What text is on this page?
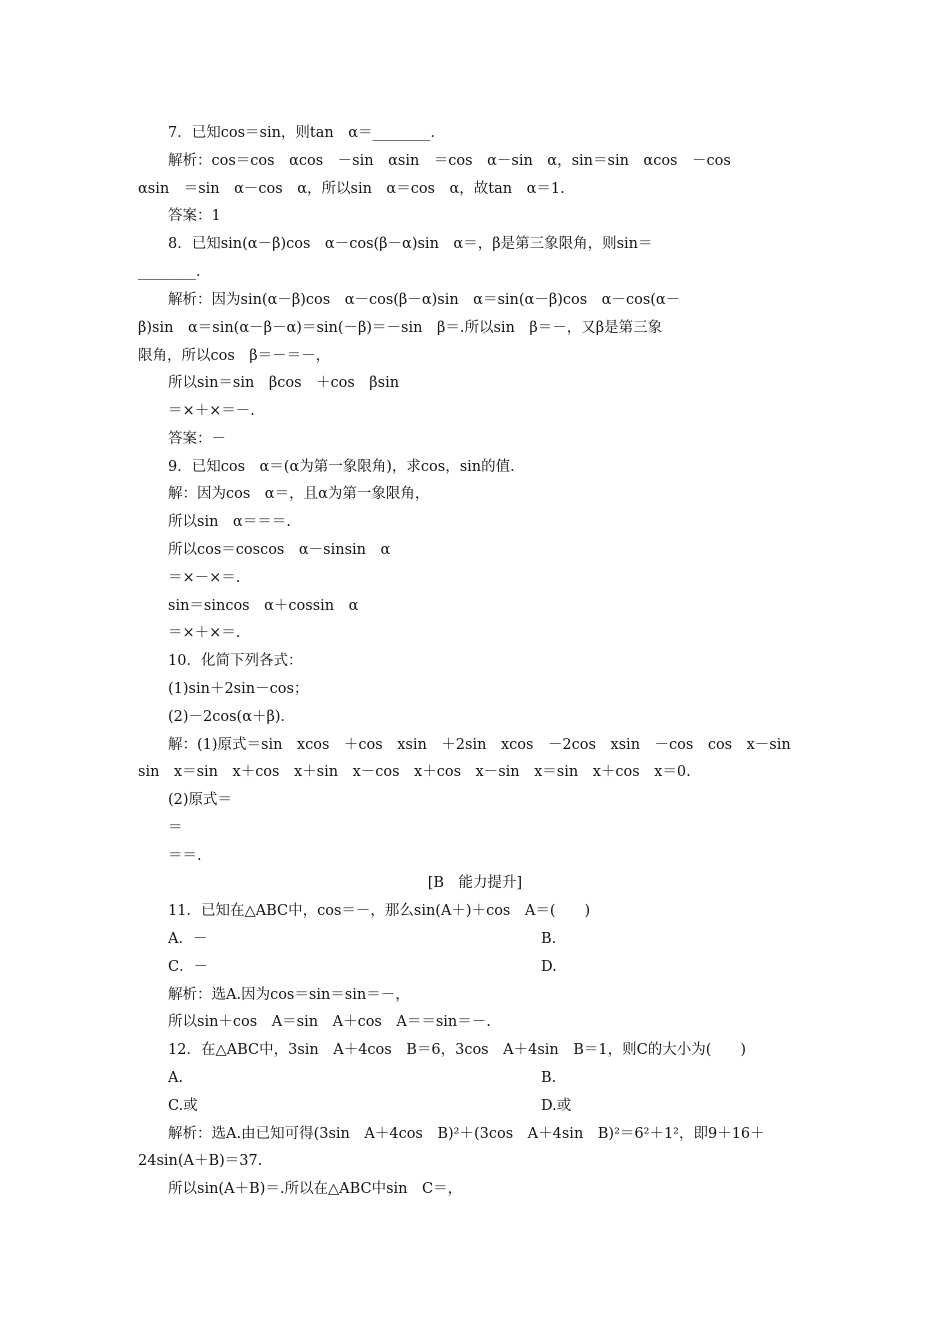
7．已知cos＝sin，则tan　α＝________．
解析：cos＝cos　αcos　－sin　αsin　＝cos　α－sin　α，sin＝sin　αcos　－cos
αsin　＝sin　α－cos　α，所以sin　α＝cos　α，故tan　α＝1.
答案：1
8．已知sin(α－β)cos　α－cos(β－α)sin　α＝，β是第三象限角，则sin＝
________．
解析：因为sin(α－β)cos　α－cos(β－α)sin　α＝sin(α－β)cos　α－cos(α－
β)sin　α＝sin(α－β－α)＝sin(－β)＝－sin　β＝.所以sin　β＝－，又β是第三象
限角，所以cos　β＝－＝－，
所以sin＝sin　βcos　＋cos　βsin
＝×＋×＝－.
答案：－
9．已知cos　α＝(α为第一象限角)，求cos，sin的值．
解：因为cos　α＝，且α为第一象限角，
所以sin　α＝＝＝.
所以cos＝coscos　α－sinsin　α
＝×－×＝.
sin＝sincos　α＋cossin　α
＝×＋×＝.
10．化简下列各式：
(1)sin＋2sin－cos；
(2)－2cos(α＋β)．
解：(1)原式＝sin　xcos　＋cos　xsin　＋2sin　xcos　－2cos　xsin　－cos　cos　x－sin
sin　x＝sin　x＋cos　x＋sin　x－cos　x＋cos　x－sin　x＝sin　x＋cos　x＝0.
(2)原式＝
＝
＝＝.
[B　能力提升]
11．已知在△ABC中，cos＝－，那么sin(A＋)＋cos　A＝(　　)
A．－	B.
C．－	D.
解析：选A.因为cos＝sin＝sin＝－，
所以sin＋cos　A＝sin　A＋cos　A＝＝sin＝－.
12．在△ABC中，3sin　A＋4cos　B＝6，3cos　A＋4sin　B＝1，则C的大小为(　　)
A.	B.
C.或	D.或
解析：选A.由已知可得(3sin　A＋4cos　B)²＋(3cos　A＋4sin　B)²＝6²＋1²，即9＋16＋
24sin(A＋B)＝37.
所以sin(A＋B)＝.所以在△ABC中sin　C＝，
